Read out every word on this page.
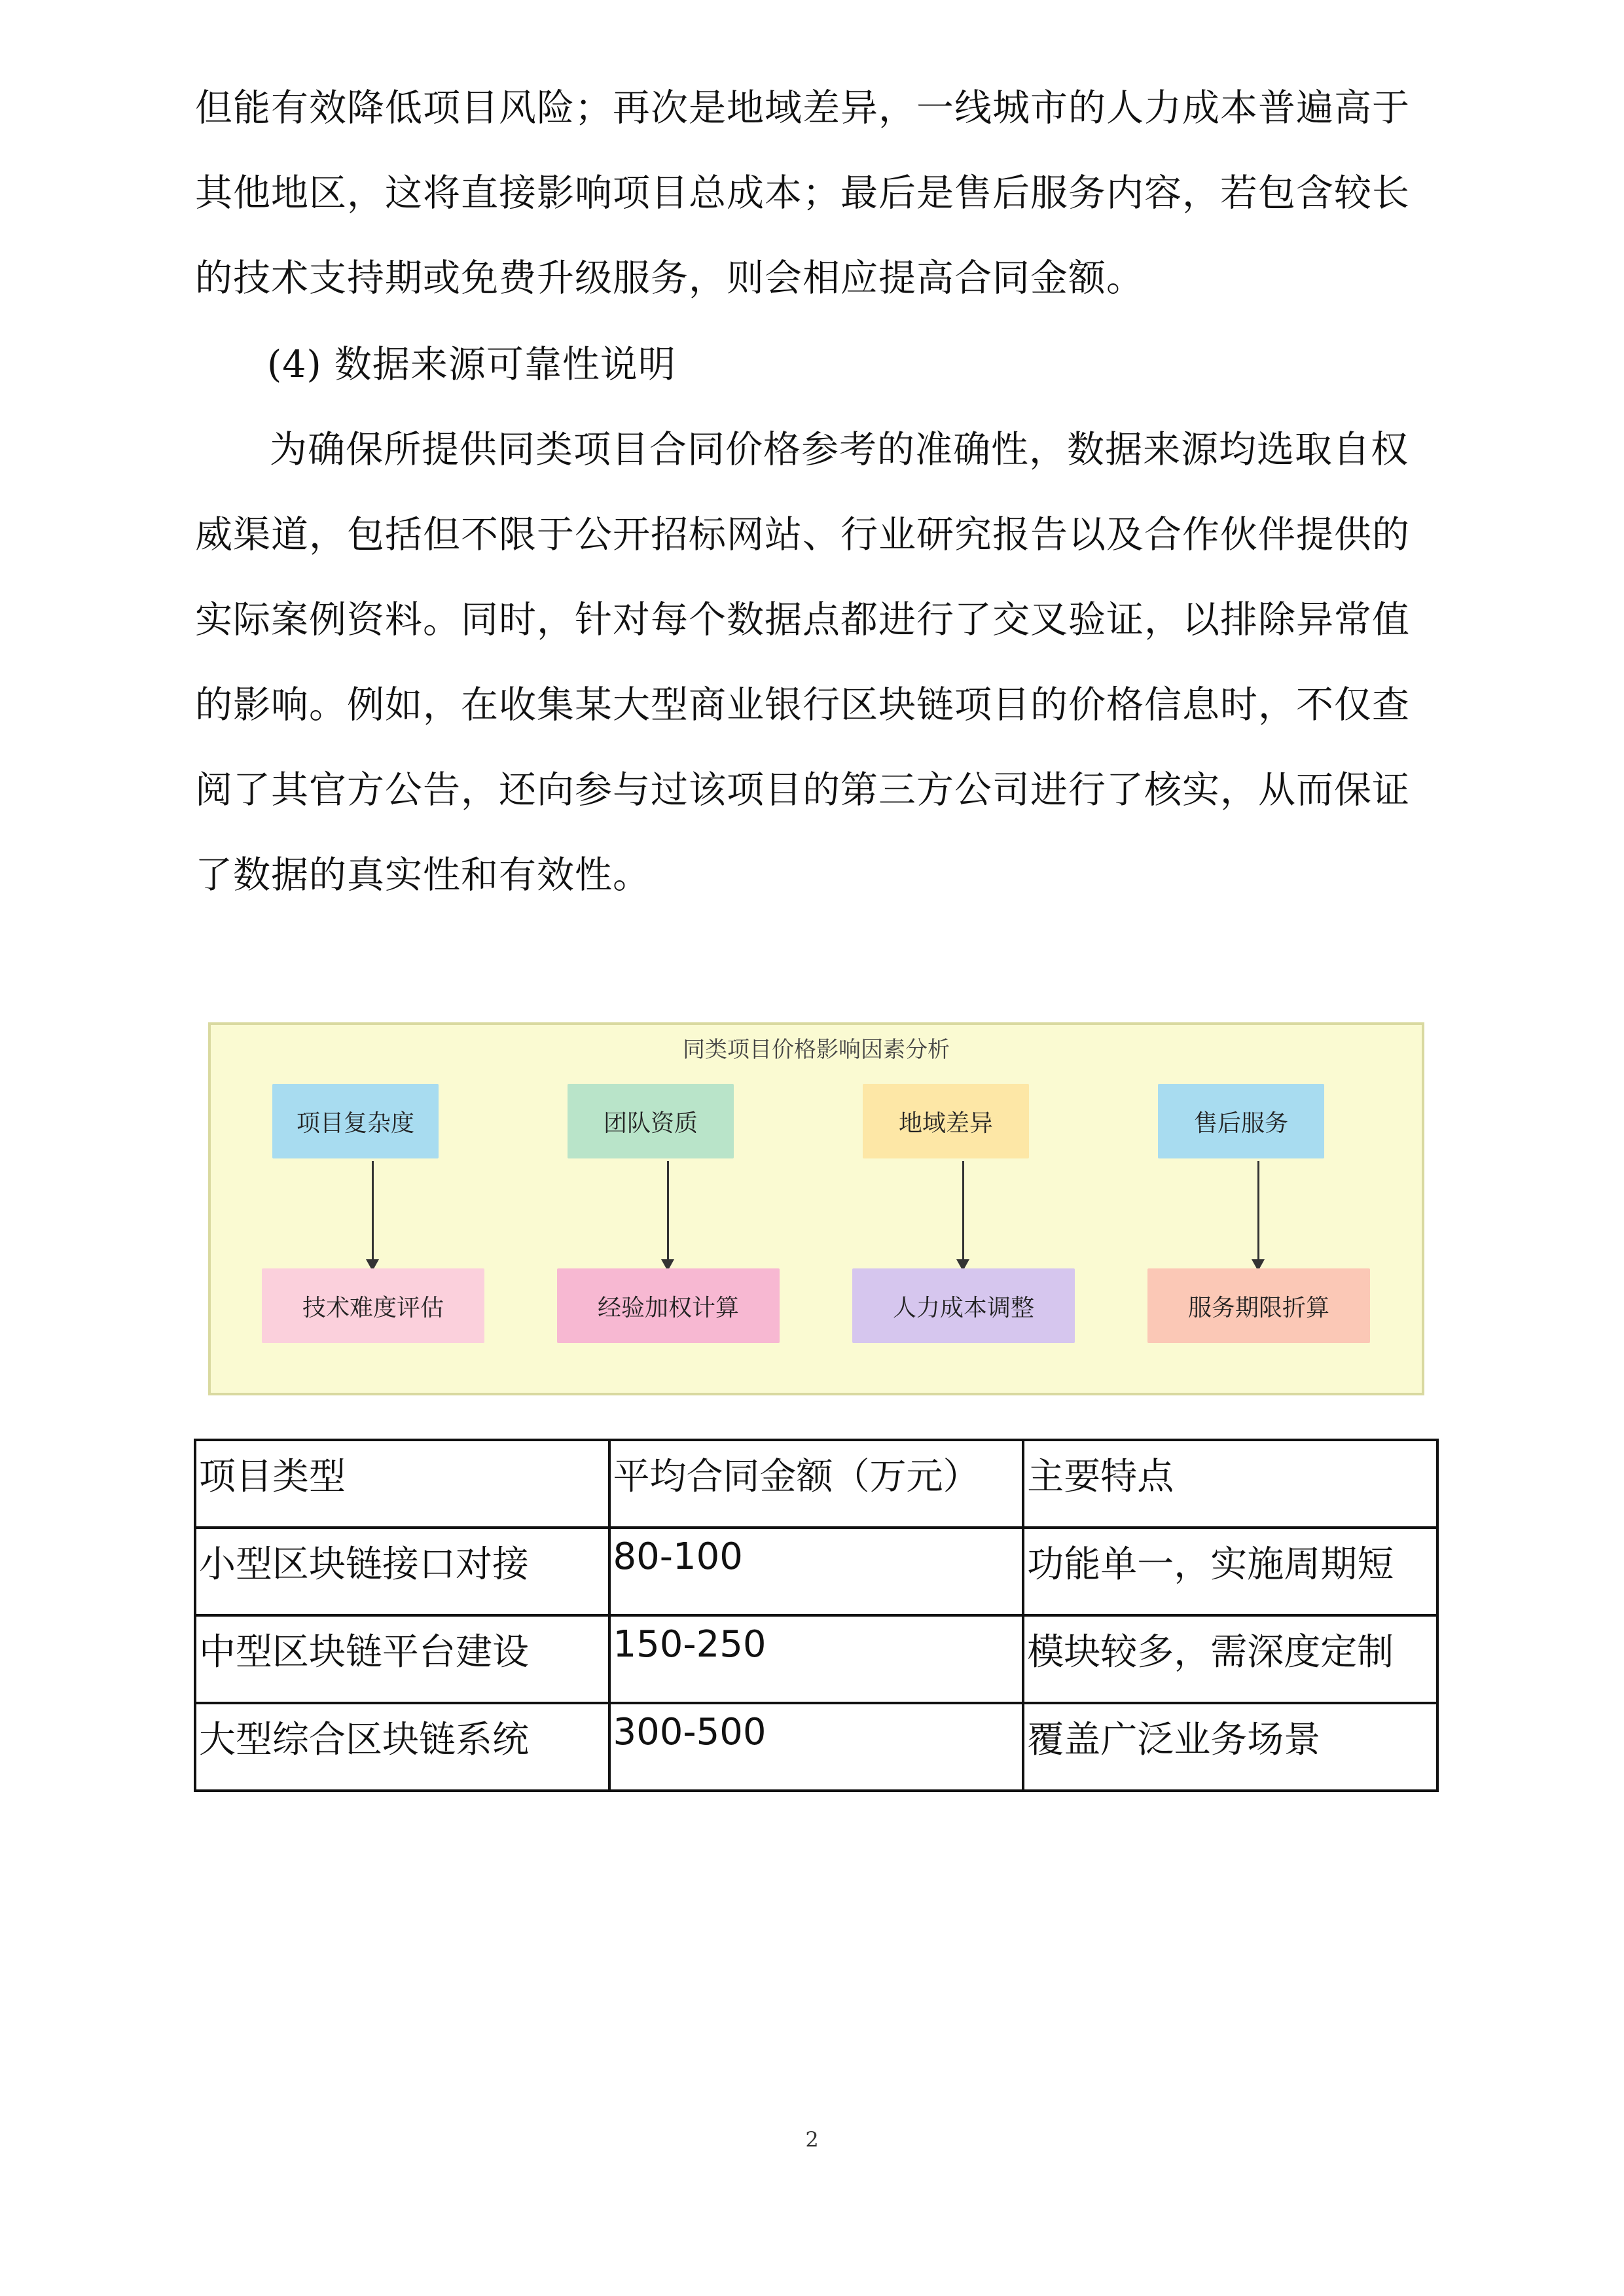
但能有效降低项目风险；再次是地域差异，一线城市的人力成本普遍高于其他地区，这将直接影响项目总成本；最后是售后服务内容，若包含较长的技术支持期或免费升级服务，则会相应提高合同金额。

(4) 数据来源可靠性说明

为确保所提供同类项目合同价格参考的准确性，数据来源均选取自权威渠道，包括但不限于公开招标网站、行业研究报告以及合作伙伴提供的实际案例资料。同时，针对每个数据点都进行了交叉验证，以排除异常值的影响。例如，在收集某大型商业银行区块链项目的价格信息时，不仅查阅了其官方公告，还向参与过该项目的第三方公司进行了核实，从而保证了数据的真实性和有效性。

同类项目价格影响因素分析
项目复杂度	团队资质	地域差异	售后服务
技术难度评估	经验加权计算	人力成本调整	服务期限折算
项目类型	平均合同金额（万元）	主要特点
小型区块链接口对接	80-100	功能单一，实施周期短
中型区块链平台建设	150-250	模块较多，需深度定制
大型综合区块链系统	300-500	覆盖广泛业务场景
2
